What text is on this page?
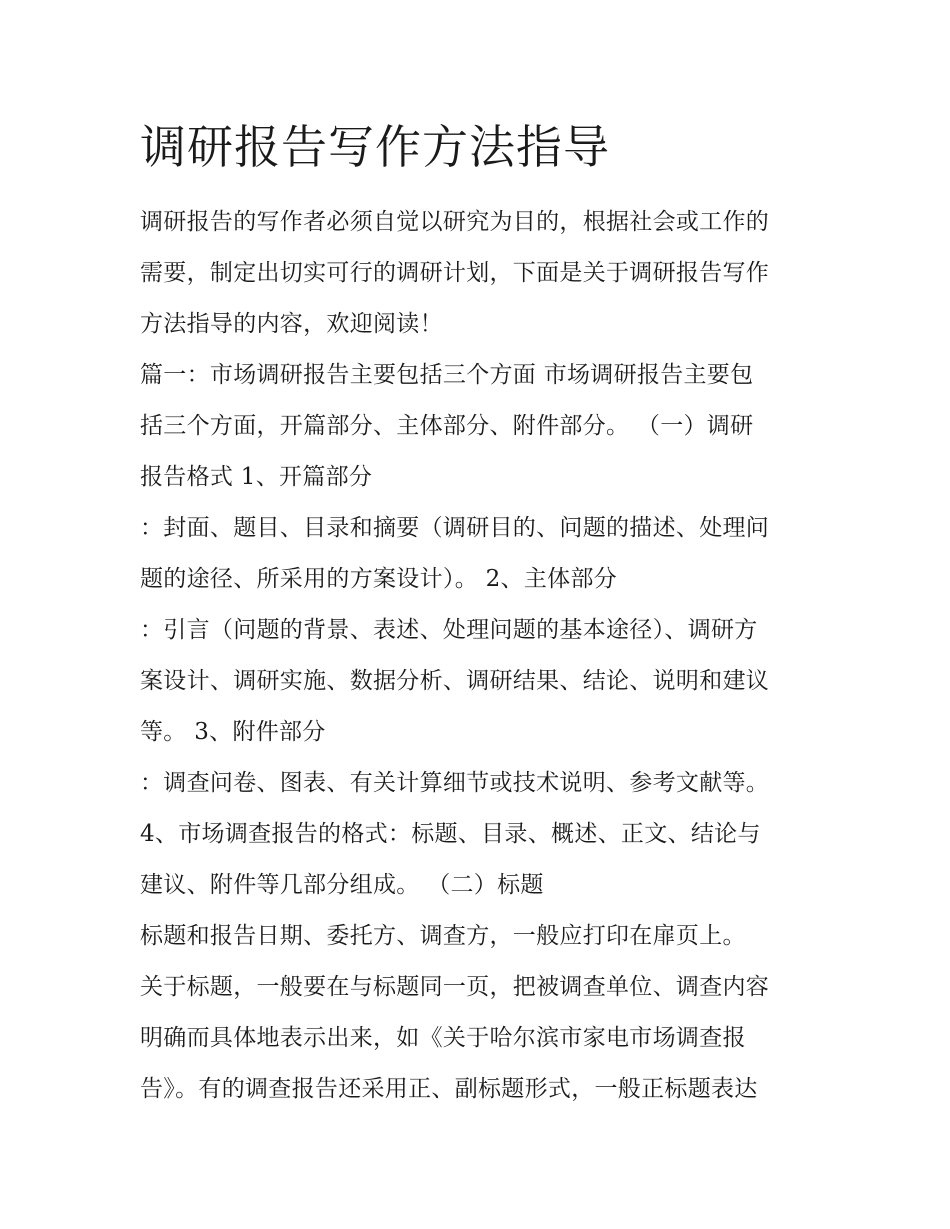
调研报告写作方法指导
调研报告的写作者必须自觉以研究为目的，根据社会或工作的
需要，制定出切实可行的调研计划，下面是关于调研报告写作
方法指导的内容，欢迎阅读！
篇一：市场调研报告主要包括三个方面 市场调研报告主要包
括三个方面，开篇部分、主体部分、附件部分。 （一）调研
报告格式 1、开篇部分
：封面、题目、目录和摘要（调研目的、问题的描述、处理问
题的途径、所采用的方案设计）。 2、主体部分
：引言（问题的背景、表述、处理问题的基本途径）、调研方
案设计、调研实施、数据分析、调研结果、结论、说明和建议
等。 3、附件部分
：调查问卷、图表、有关计算细节或技术说明、参考文献等。
4、市场调查报告的格式：标题、目录、概述、正文、结论与
建议、附件等几部分组成。 （二）标题
标题和报告日期、委托方、调查方，一般应打印在扉页上。
关于标题，一般要在与标题同一页，把被调查单位、调查内容
明确而具体地表示出来，如《关于哈尔滨市家电市场调查报
告》。有的调查报告还采用正、副标题形式，一般正标题表达
